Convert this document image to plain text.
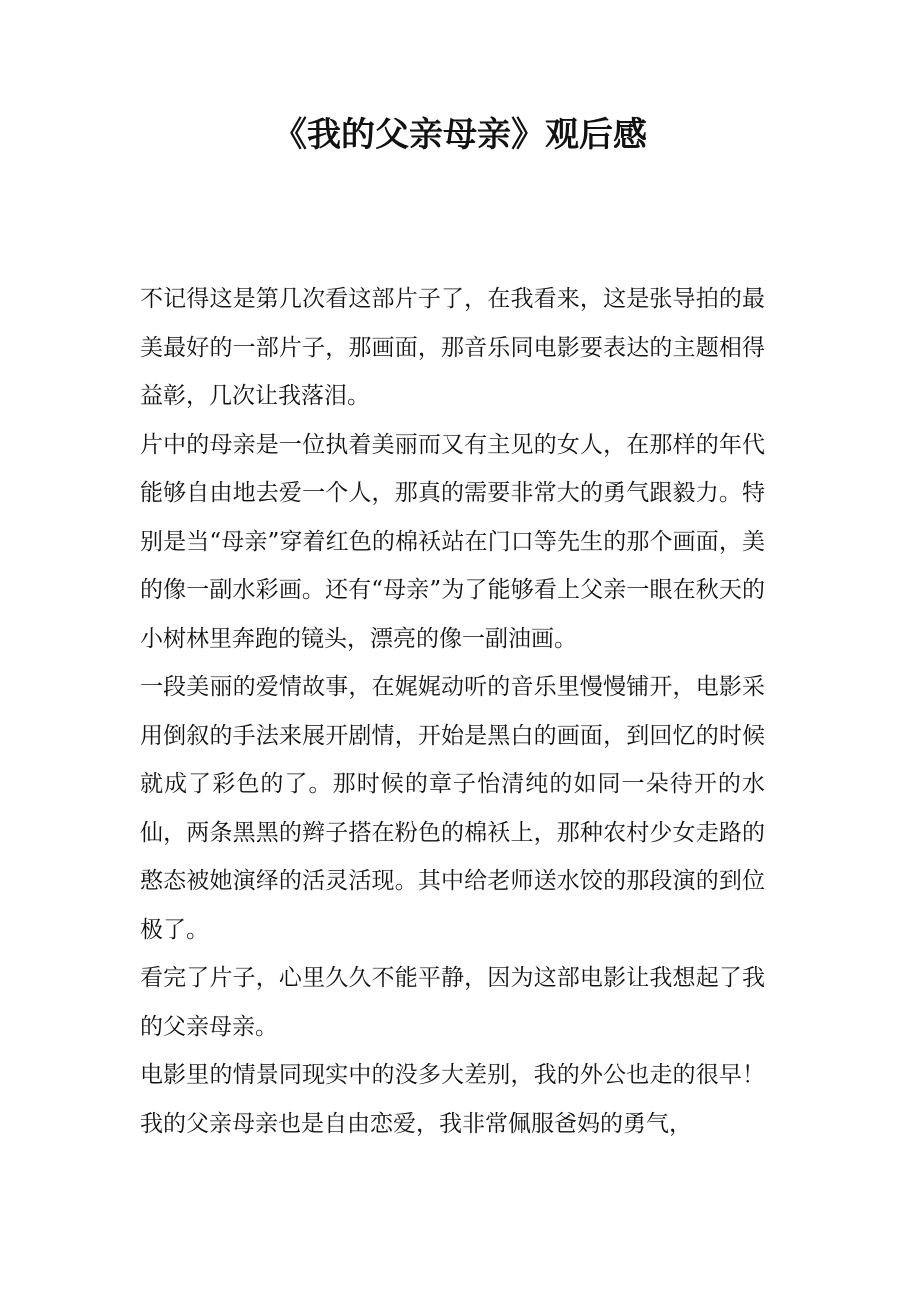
《我的父亲母亲》观后感

不记得这是第几次看这部片子了，在我看来，这是张导拍的最美最好的一部片子，那画面，那音乐同电影要表达的主题相得益彰，几次让我落泪。

片中的母亲是一位执着美丽而又有主见的女人，在那样的年代能够自由地去爱一个人，那真的需要非常大的勇气跟毅力。特别是当“母亲”穿着红色的棉袄站在门口等先生的那个画面，美的像一副水彩画。还有“母亲”为了能够看上父亲一眼在秋天的小树林里奔跑的镜头，漂亮的像一副油画。

一段美丽的爱情故事，在娓娓动听的音乐里慢慢铺开，电影采用倒叙的手法来展开剧情，开始是黑白的画面，到回忆的时候就成了彩色的了。那时候的章子怡清纯的如同一朵待开的水仙，两条黑黑的辫子搭在粉色的棉袄上，那种农村少女走路的憨态被她演绎的活灵活现。其中给老师送水饺的那段演的到位极了。

看完了片子，心里久久不能平静，因为这部电影让我想起了我的父亲母亲。

电影里的情景同现实中的没多大差别，我的外公也走的很早！我的父亲母亲也是自由恋爱，我非常佩服爸妈的勇气，
